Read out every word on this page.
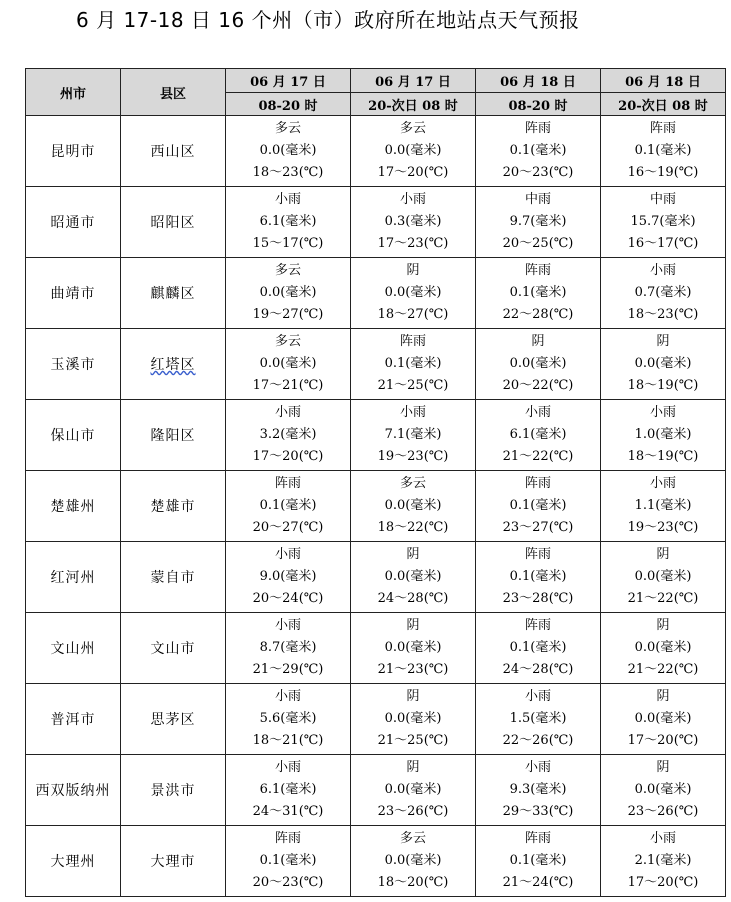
6 月 17-18 日 16 个州（市）政府所在地站点天气预报
州市	县区	06 月 17 日	06 月 17 日	06 月 18 日	06 月 18 日
		08-20 时	20-次日 08 时	08-20 时	20-次日 08 时
昆明市	西山区	多云
0.0(毫米)
18～23(℃)	多云
0.0(毫米)
17～20(℃)	阵雨
0.1(毫米)
20～23(℃)	阵雨
0.1(毫米)
16～19(℃)

昭通市	昭阳区	小雨
6.1(毫米)
15～17(℃)	小雨
0.3(毫米)
17～23(℃)	中雨
9.7(毫米)
20～25(℃)	中雨
15.7(毫米)
16～17(℃)

曲靖市	麒麟区	多云
0.0(毫米)
19～27(℃)	阴
0.0(毫米)
18～27(℃)	阵雨
0.1(毫米)
22～28(℃)	小雨
0.7(毫米)
18～23(℃)

玉溪市	红塔区	多云
0.0(毫米)
17～21(℃)	阵雨
0.1(毫米)
21～25(℃)	阴
0.0(毫米)
20～22(℃)	阴
0.0(毫米)
18～19(℃)

保山市	隆阳区	小雨
3.2(毫米)
17～20(℃)	小雨
7.1(毫米)
19～23(℃)	小雨
6.1(毫米)
21～22(℃)	小雨
1.0(毫米)
18～19(℃)

楚雄州	楚雄市	阵雨
0.1(毫米)
20～27(℃)	多云
0.0(毫米)
18～22(℃)	阵雨
0.1(毫米)
23～27(℃)	小雨
1.1(毫米)
19～23(℃)

红河州	蒙自市	小雨
9.0(毫米)
20～24(℃)	阴
0.0(毫米)
24～28(℃)	阵雨
0.1(毫米)
23～28(℃)	阴
0.0(毫米)
21～22(℃)

文山州	文山市	小雨
8.7(毫米)
21～29(℃)	阴
0.0(毫米)
21～23(℃)	阵雨
0.1(毫米)
24～28(℃)	阴
0.0(毫米)
21～22(℃)

普洱市	思茅区	小雨
5.6(毫米)
18～21(℃)	阴
0.0(毫米)
21～25(℃)	小雨
1.5(毫米)
22～26(℃)	阴
0.0(毫米)
17～20(℃)

西双版纳州	景洪市	小雨
6.1(毫米)
24～31(℃)	阴
0.0(毫米)
23～26(℃)	小雨
9.3(毫米)
29～33(℃)	阴
0.0(毫米)
23～26(℃)

大理州	大理市	阵雨
0.1(毫米)
20～23(℃)	多云
0.0(毫米)
18～20(℃)	阵雨
0.1(毫米)
21～24(℃)	小雨
2.1(毫米)
17～20(℃)
